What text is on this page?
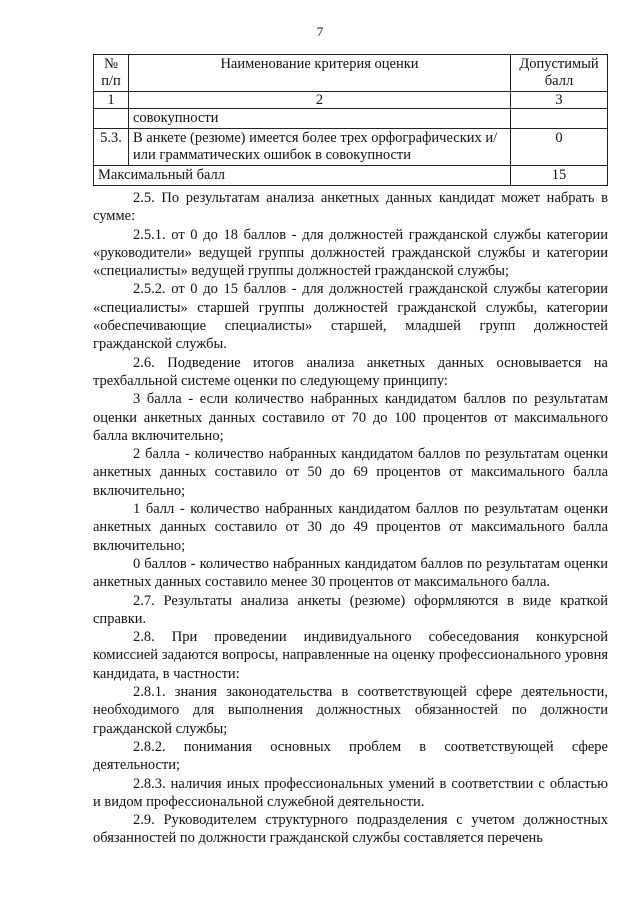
7
№ п/п	Наименование критерия оценки	Допустимый балл
1	2	3
	совокупности	
5.3.	В анкете (резюме) имеется более трех орфографических и/или грамматических ошибок в совокупности	0
Максимальный балл		15

2.5. По результатам анализа анкетных данных кандидат может набрать в сумме:

2.5.1. от 0 до 18 баллов - для должностей гражданской службы категории «руководители» ведущей группы должностей гражданской службы и категории «специалисты» ведущей группы должностей гражданской службы;

2.5.2. от 0 до 15 баллов - для должностей гражданской службы категории «специалисты» старшей группы должностей гражданской службы, категории «обеспечивающие специалисты» старшей, младшей групп должностей гражданской службы.

2.6. Подведение итогов анализа анкетных данных основывается на трехбалльной системе оценки по следующему принципу:

3 балла - если количество набранных кандидатом баллов по результатам оценки анкетных данных составило от 70 до 100 процентов от максимального балла включительно;

2 балла - количество набранных кандидатом баллов по результатам оценки анкетных данных составило от 50 до 69 процентов от максимального балла включительно;

1 балл - количество набранных кандидатом баллов по результатам оценки анкетных данных составило от 30 до 49 процентов от максимального балла включительно;

0 баллов - количество набранных кандидатом баллов по результатам оценки анкетных данных составило менее 30 процентов от максимального балла.

2.7. Результаты анализа анкеты (резюме) оформляются в виде краткой справки.

2.8. При проведении индивидуального собеседования конкурсной комиссией задаются вопросы, направленные на оценку профессионального уровня кандидата, в частности:

2.8.1. знания законодательства в соответствующей сфере деятельности, необходимого для выполнения должностных обязанностей по должности гражданской службы;

2.8.2. понимания основных проблем в соответствующей сфере деятельности;

2.8.3. наличия иных профессиональных умений в соответствии с областью и видом профессиональной служебной деятельности.

2.9. Руководителем структурного подразделения с учетом должностных обязанностей по должности гражданской службы составляется перечень
